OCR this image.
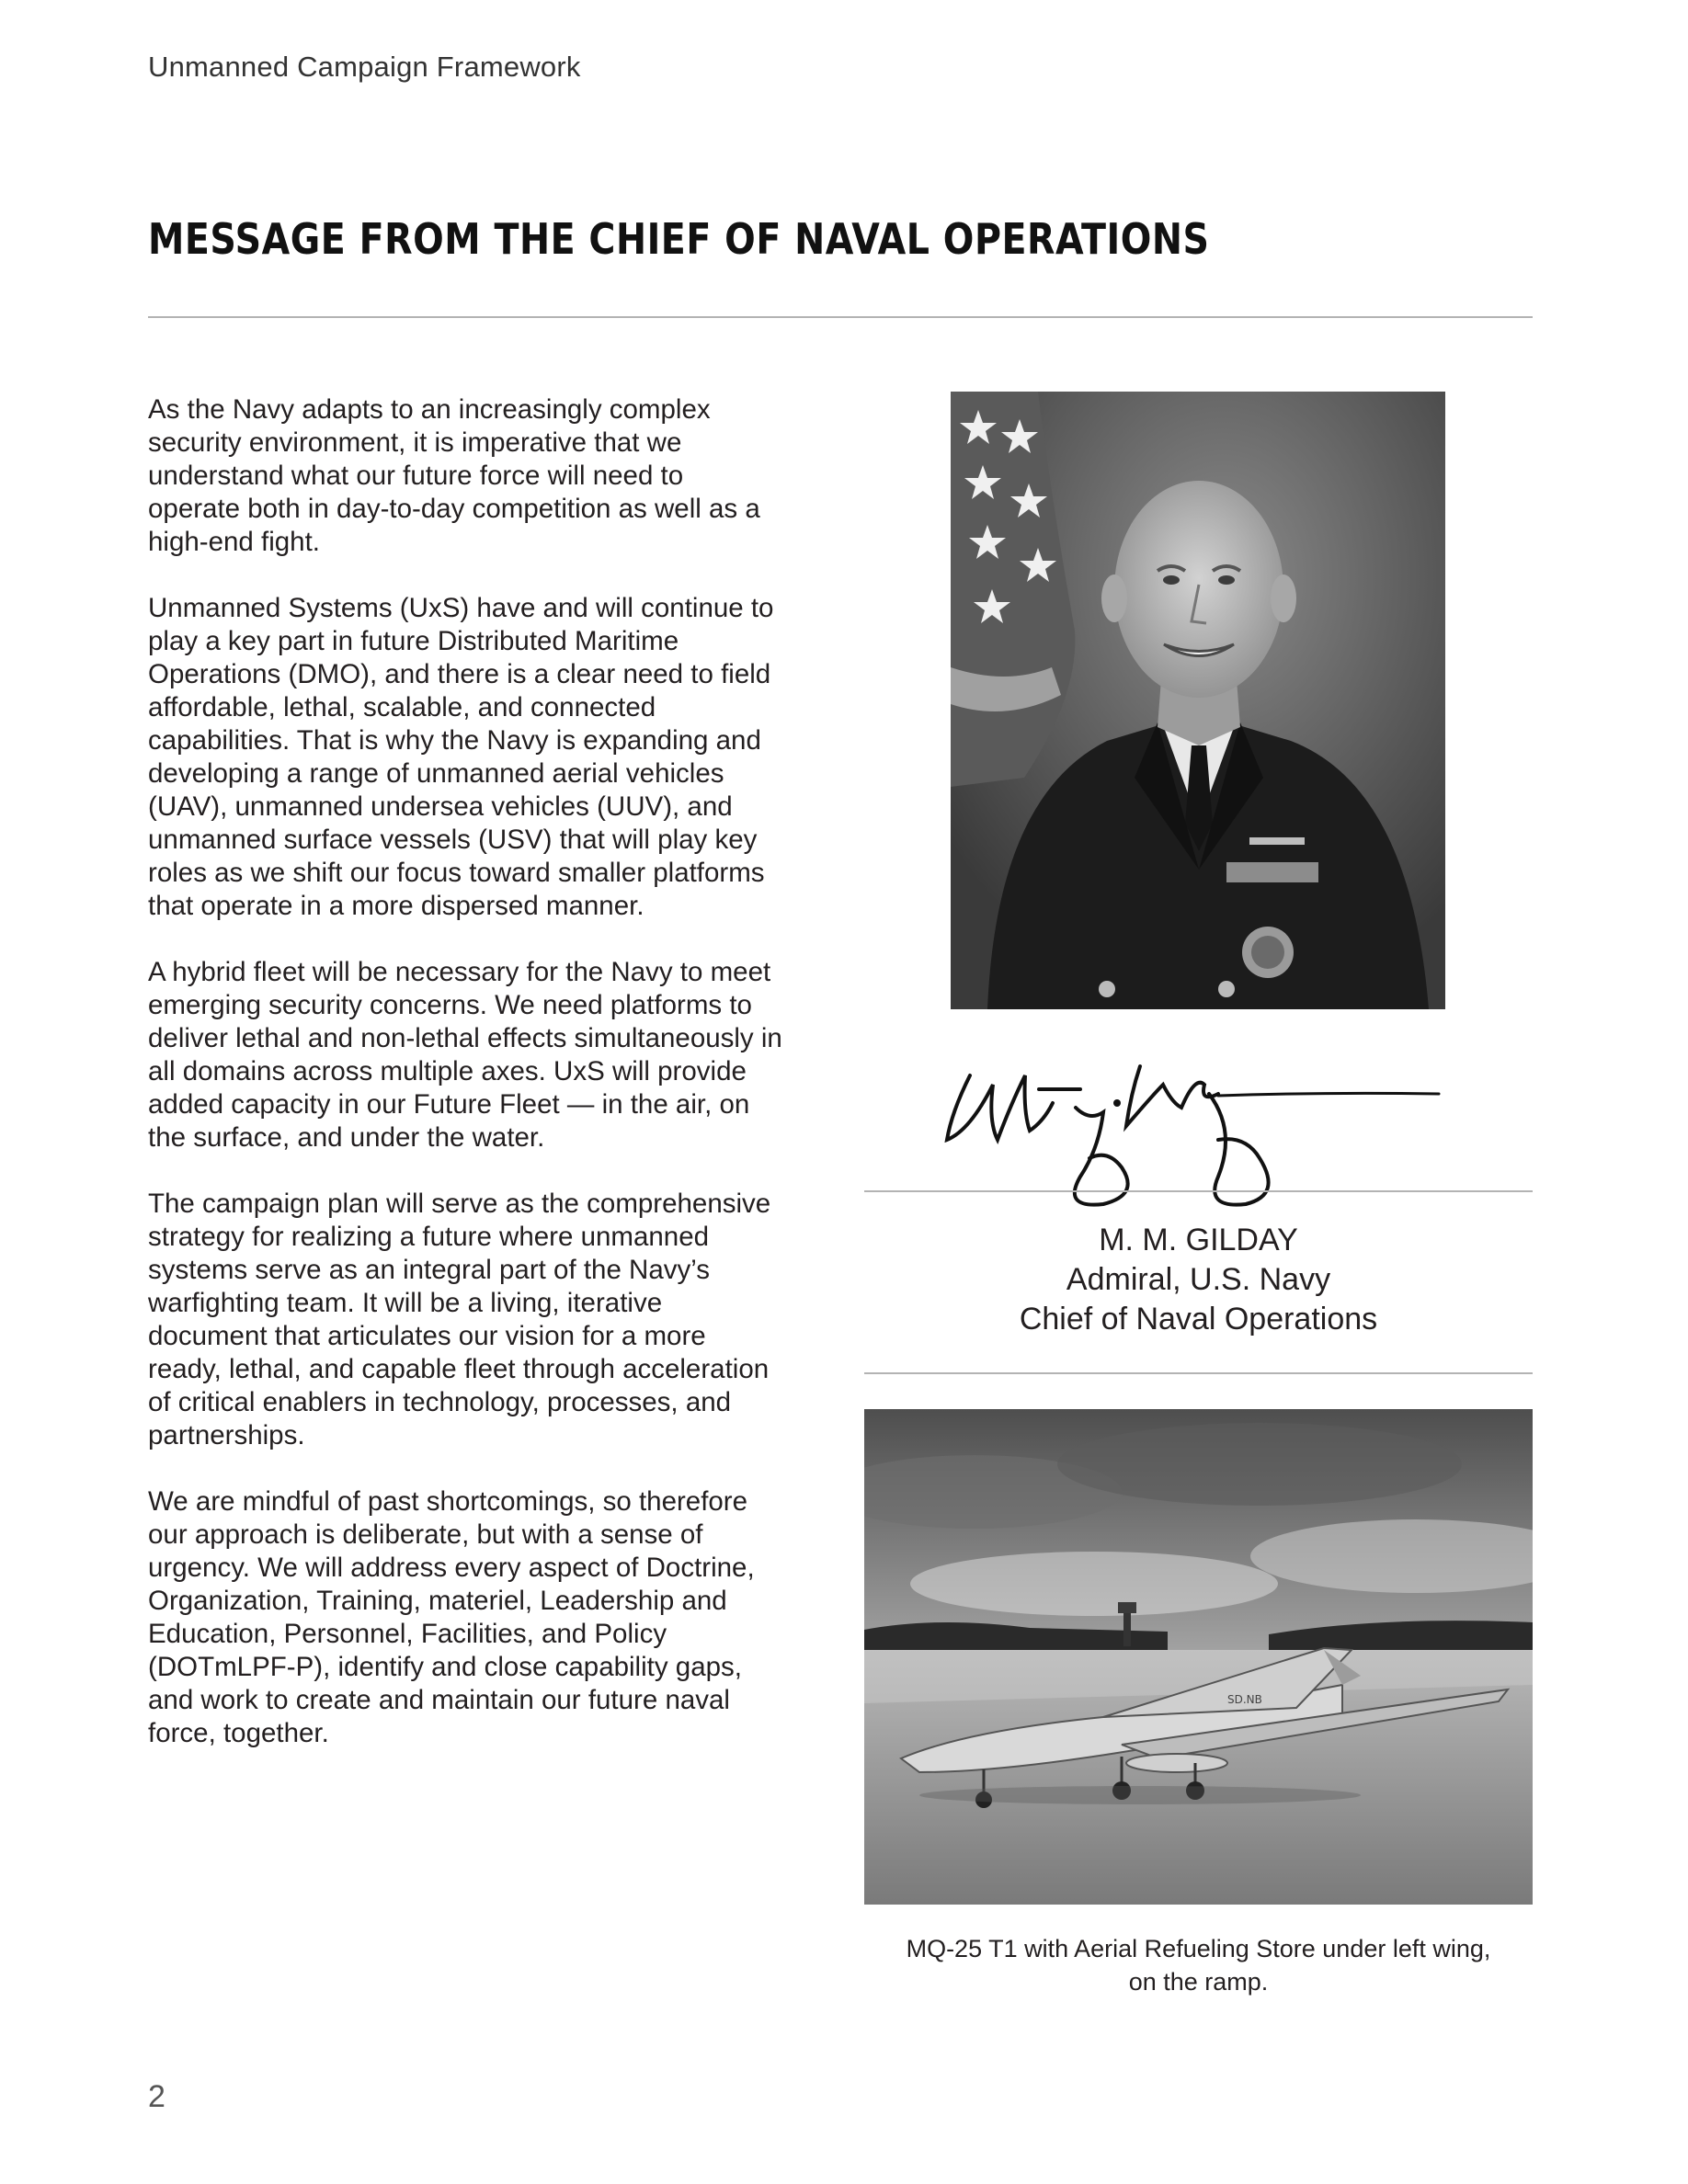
Unmanned Campaign Framework
MESSAGE FROM THE CHIEF OF NAVAL OPERATIONS

As the Navy adapts to an increasingly complex security environment, it is imperative that we understand what our future force will need to operate both in day-to-day competition as well as a high-end fight.

Unmanned Systems (UxS) have and will continue to play a key part in future Distributed Maritime Operations (DMO), and there is a clear need to field affordable, lethal, scalable, and connected capabilities. That is why the Navy is expanding and developing a range of unmanned aerial vehicles (UAV), unmanned undersea vehicles (UUV), and unmanned surface vessels (USV) that will play key roles as we shift our focus toward smaller platforms that operate in a more dispersed manner.

A hybrid fleet will be necessary for the Navy to meet emerging security concerns. We need platforms to deliver lethal and non-lethal effects simultaneously in all domains across multiple axes. UxS will provide added capacity in our Future Fleet — in the air, on the surface, and under the water.

The campaign plan will serve as the comprehensive strategy for realizing a future where unmanned systems serve as an integral part of the Navy’s warfighting team. It will be a living, iterative document that articulates our vision for a more ready, lethal, and capable fleet through acceleration of critical enablers in technology, processes, and partnerships.

We are mindful of past shortcomings, so therefore our approach is deliberate, but with a sense of urgency. We will address every aspect of Doctrine, Organization, Training, materiel, Leadership and Education, Personnel, Facilities, and Policy (DOTmLPF-P), identify and close capability gaps, and work to create and maintain our future naval force, together.

M. M. GILDAY
Admiral, U.S. Navy
Chief of Naval Operations
SD.NB
MQ-25 T1 with Aerial Refueling Store under left wing, on the ramp.
2
